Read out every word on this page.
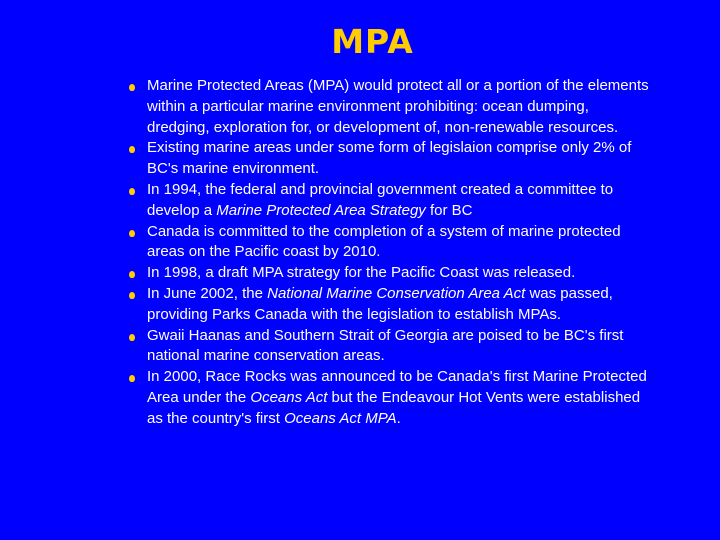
MPA
Marine Protected Areas (MPA) would protect all or a portion of the elements within a particular marine environment prohibiting: ocean dumping, dredging, exploration for, or development of, non-renewable resources.
Existing marine areas under some form of legislaion comprise only 2% of BC's marine environment.
In 1994, the federal and provincial government created a committee to develop a Marine Protected Area Strategy for BC
Canada is committed to the completion of a system of marine protected areas on the Pacific coast by 2010.
In 1998, a draft MPA strategy for the Pacific Coast was released.
In June 2002, the National Marine Conservation Area Act was passed, providing Parks Canada with the legislation to establish MPAs.
Gwaii Haanas and Southern Strait of Georgia are poised to be BC's first national marine conservation areas.
In 2000, Race Rocks was announced to be Canada's first Marine Protected Area under the Oceans Act but the Endeavour Hot Vents were established as the country's first Oceans Act MPA.
